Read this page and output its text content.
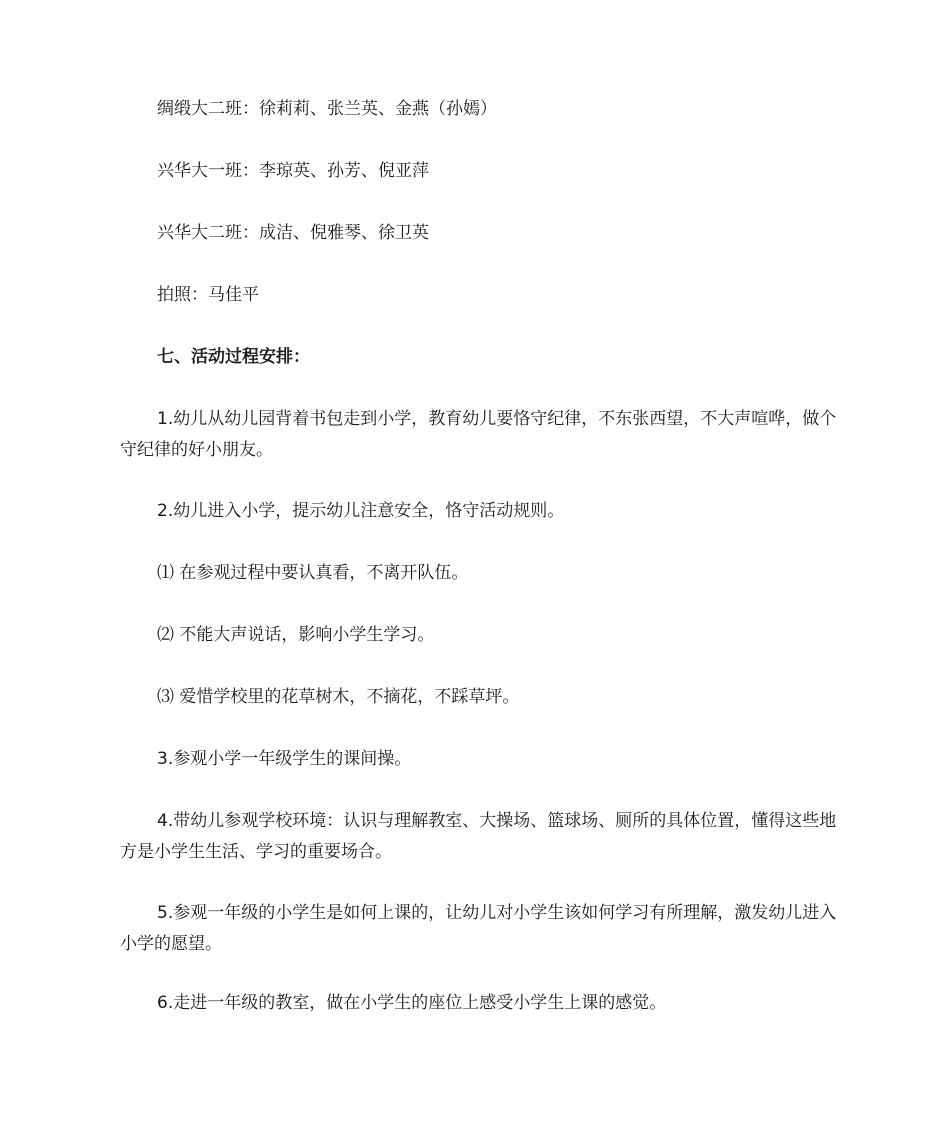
绸缎大二班：徐莉莉、张兰英、金燕（孙嫣）
兴华大一班：李琼英、孙芳、倪亚萍
兴华大二班：成洁、倪雅琴、徐卫英
拍照：马佳平
七、活动过程安排：
1.幼儿从幼儿园背着书包走到小学，教育幼儿要恪守纪律，不东张西望，不大声喧哗，做个守纪律的好小朋友。
2.幼儿进入小学，提示幼儿注意安全，恪守活动规则。
⑴ 在参观过程中要认真看，不离开队伍。
⑵ 不能大声说话，影响小学生学习。
⑶ 爱惜学校里的花草树木，不摘花，不踩草坪。
3.参观小学一年级学生的课间操。
4.带幼儿参观学校环境：认识与理解教室、大操场、篮球场、厕所的具体位置，懂得这些地方是小学生生活、学习的重要场合。
5.参观一年级的小学生是如何上课的，让幼儿对小学生该如何学习有所理解，激发幼儿进入小学的愿望。
6.走进一年级的教室，做在小学生的座位上感受小学生上课的感觉。
